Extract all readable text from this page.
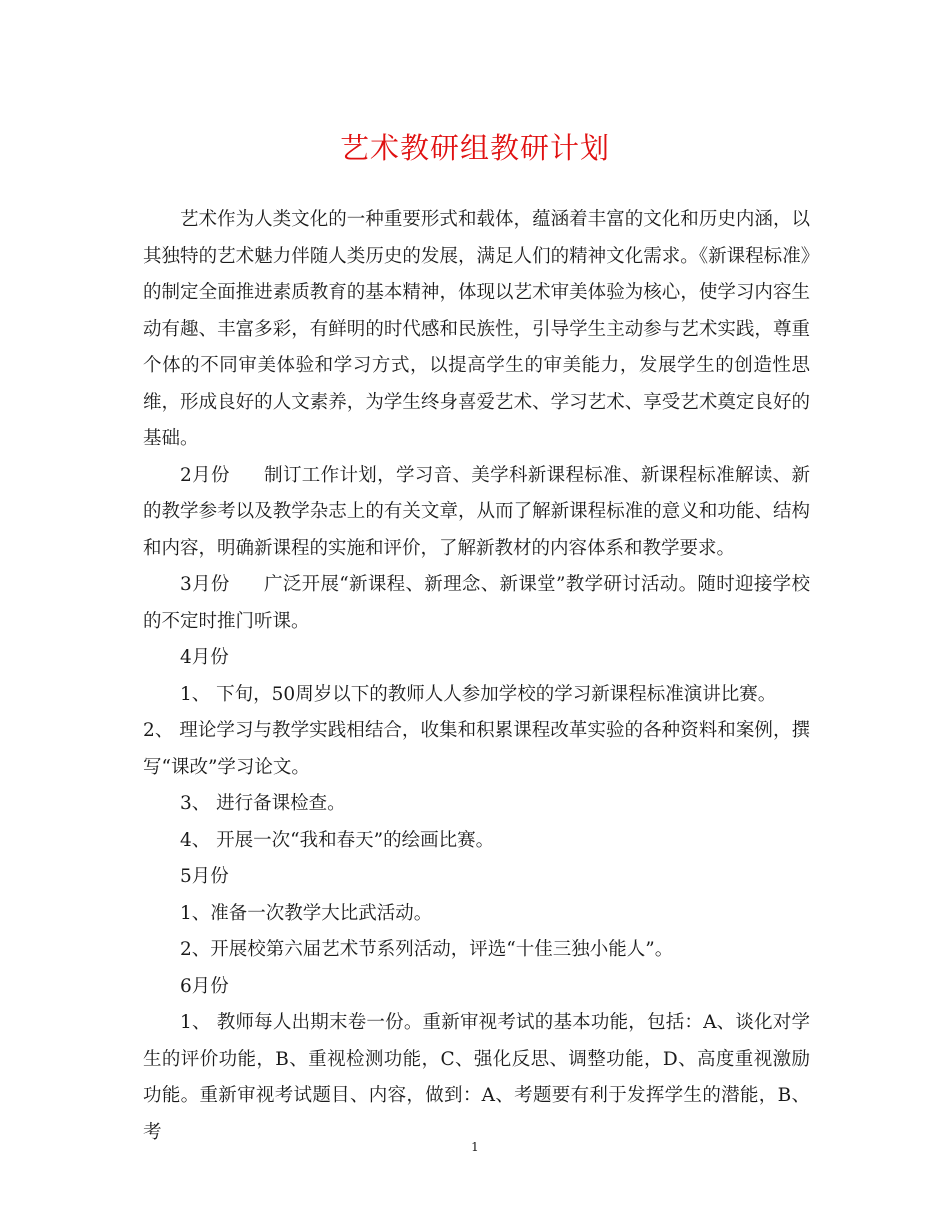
艺术教研组教研计划

艺术作为人类文化的一种重要形式和载体，蕴涵着丰富的文化和历史内涵，以其独特的艺术魅力伴随人类历史的发展，满足人们的精神文化需求。《新课程标准》的制定全面推进素质教育的基本精神，体现以艺术审美体验为核心，使学习内容生动有趣、丰富多彩，有鲜明的时代感和民族性，引导学生主动参与艺术实践，尊重个体的不同审美体验和学习方式，以提高学生的审美能力，发展学生的创造性思维，形成良好的人文素养，为学生终身喜爱艺术、学习艺术、享受艺术奠定良好的基础。

2月份 制订工作计划，学习音、美学科新课程标准、新课程标准解读、新的教学参考以及教学杂志上的有关文章，从而了解新课程标准的意义和功能、结构和内容，明确新课程的实施和评价，了解新教材的内容体系和教学要求。

3月份 广泛开展“新课程、新理念、新课堂”教学研讨活动。随时迎接学校的不定时推门听课。

4月份

1、 下旬，50周岁以下的教师人人参加学校的学习新课程标准演讲比赛。

2、 理论学习与教学实践相结合，收集和积累课程改革实验的各种资料和案例，撰写“课改”学习论文。

3、 进行备课检查。

4、 开展一次“我和春天”的绘画比赛。

5月份

1、准备一次教学大比武活动。

2、开展校第六届艺术节系列活动，评选“十佳三独小能人”。

6月份

1、 教师每人出期末卷一份。重新审视考试的基本功能，包括：A、谈化对学生的评价功能，B、重视检测功能，C、强化反思、调整功能，D、高度重视激励功能。重新审视考试题目、内容，做到：A、考题要有利于发挥学生的潜能，B、考

1
